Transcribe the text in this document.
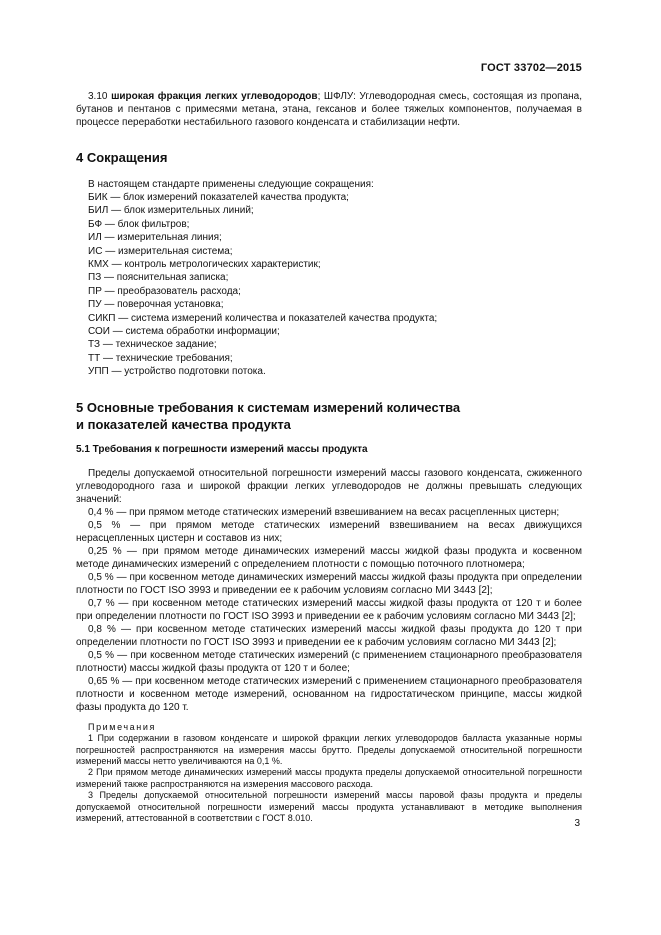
ГОСТ 33702—2015

3.10 широкая фракция легких углеводородов; ШФЛУ: Углеводородная смесь, состоящая из пропана, бутанов и пентанов с примесями метана, этана, гексанов и более тяжелых компонентов, получаемая в процессе переработки нестабильного газового конденсата и стабилизации нефти.

4 Сокращения

В настоящем стандарте применены следующие сокращения:

БИК — блок измерений показателей качества продукта;
БИЛ — блок измерительных линий;
БФ — блок фильтров;
ИЛ — измерительная линия;
ИС — измерительная система;
КМХ — контроль метрологических характеристик;
ПЗ — пояснительная записка;
ПР — преобразователь расхода;
ПУ — поверочная установка;
СИКП — система измерений количества и показателей качества продукта;
СОИ — система обработки информации;
ТЗ — техническое задание;
ТТ — технические требования;
УПП — устройство подготовки потока.
5 Основные требования к системам измерений количества
и показателей качества продукта
5.1 Требования к погрешности измерений массы продукта

Пределы допускаемой относительной погрешности измерений массы газового конденсата, сжиженного углеводородного газа и широкой фракции легких углеводородов не должны превышать следующих значений:

0,4 % — при прямом методе статических измерений взвешиванием на весах расцепленных цистерн;

0,5 % — при прямом методе статических измерений взвешиванием на весах движущихся нерасцепленных цистерн и составов из них;

0,25 % — при прямом методе динамических измерений массы жидкой фазы продукта и косвенном методе динамических измерений с определением плотности с помощью поточного плотномера;

0,5 % — при косвенном методе динамических измерений массы жидкой фазы продукта при определении плотности по ГОСТ ISO 3993 и приведении ее к рабочим условиям согласно МИ 3443 [2];

0,7 % — при косвенном методе статических измерений массы жидкой фазы продукта от 120 т и более при определении плотности по ГОСТ ISO 3993 и приведении ее к рабочим условиям согласно МИ 3443 [2];

0,8 % — при косвенном методе статических измерений массы жидкой фазы продукта до 120 т при определении плотности по ГОСТ ISO 3993 и приведении ее к рабочим условиям согласно МИ 3443 [2];

0,5 % — при косвенном методе статических измерений (с применением стационарного преобразователя плотности) массы жидкой фазы продукта от 120 т и более;

0,65 % — при косвенном методе статических измерений с применением стационарного преобразователя плотности и косвенном методе измерений, основанном на гидростатическом принципе, массы жидкой фазы продукта до 120 т.

Примечания

1 При содержании в газовом конденсате и широкой фракции легких углеводородов балласта указанные нормы погрешностей распространяются на измерения массы брутто. Пределы допускаемой относительной погрешности измерений массы нетто увеличиваются на 0,1 %.

2 При прямом методе динамических измерений массы продукта пределы допускаемой относительной погрешности измерений также распространяются на измерения массового расхода.

3 Пределы допускаемой относительной погрешности измерений массы паровой фазы продукта и пределы допускаемой относительной погрешности измерений массы продукта устанавливают в методике выполнения измерений, аттестованной в соответствии с ГОСТ 8.010.

3
